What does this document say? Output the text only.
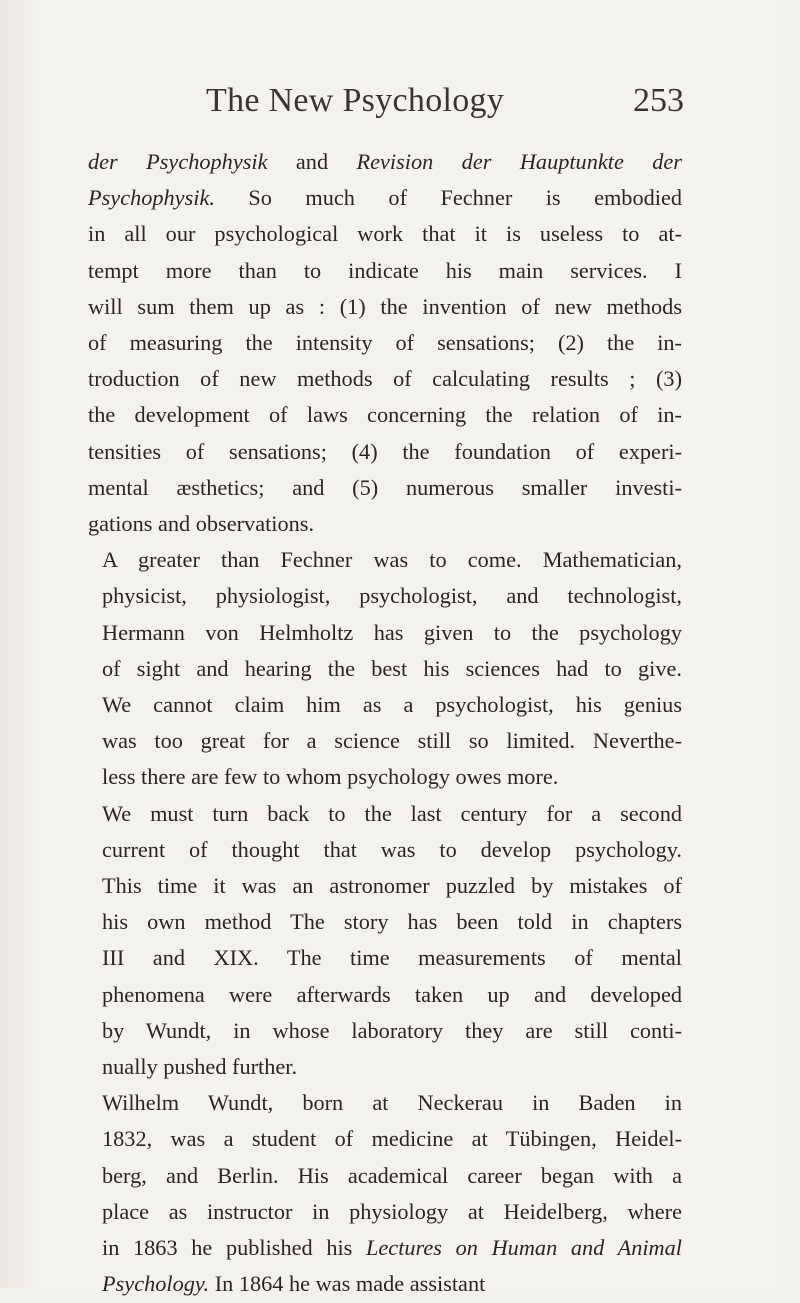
The New Psychology	253

der Psychophysik and Revision der Hauptunkte der
Psychophysik. So much of Fechner is embodied
in all our psychological work that it is useless to at-
tempt more than to indicate his main services. I
will sum them up as : (1) the invention of new methods
of measuring the intensity of sensations; (2) the in-
troduction of new methods of calculating results ; (3)
the development of laws concerning the relation of in-
tensities of sensations; (4) the foundation of experi-
mental æsthetics; and (5) numerous smaller investi-
gations and observations.

A greater than Fechner was to come. Mathematician,
physicist, physiologist, psychologist, and technologist,
Hermann von Helmholtz has given to the psychology
of sight and hearing the best his sciences had to give.
We cannot claim him as a psychologist, his genius
was too great for a science still so limited. Neverthe-
less there are few to whom psychology owes more.

We must turn back to the last century for a second
current of thought that was to develop psychology.
This time it was an astronomer puzzled by mistakes of
his own method The story has been told in chapters
III and XIX. The time measurements of mental
phenomena were afterwards taken up and developed
by Wundt, in whose laboratory they are still conti-
nually pushed further.

Wilhelm Wundt, born at Neckerau in Baden in
1832, was a student of medicine at Tübingen, Heidel-
berg, and Berlin. His academical career began with a
place as instructor in physiology at Heidelberg, where
in 1863 he published his Lectures on Human and Animal
Psychology. In 1864 he was made assistant
